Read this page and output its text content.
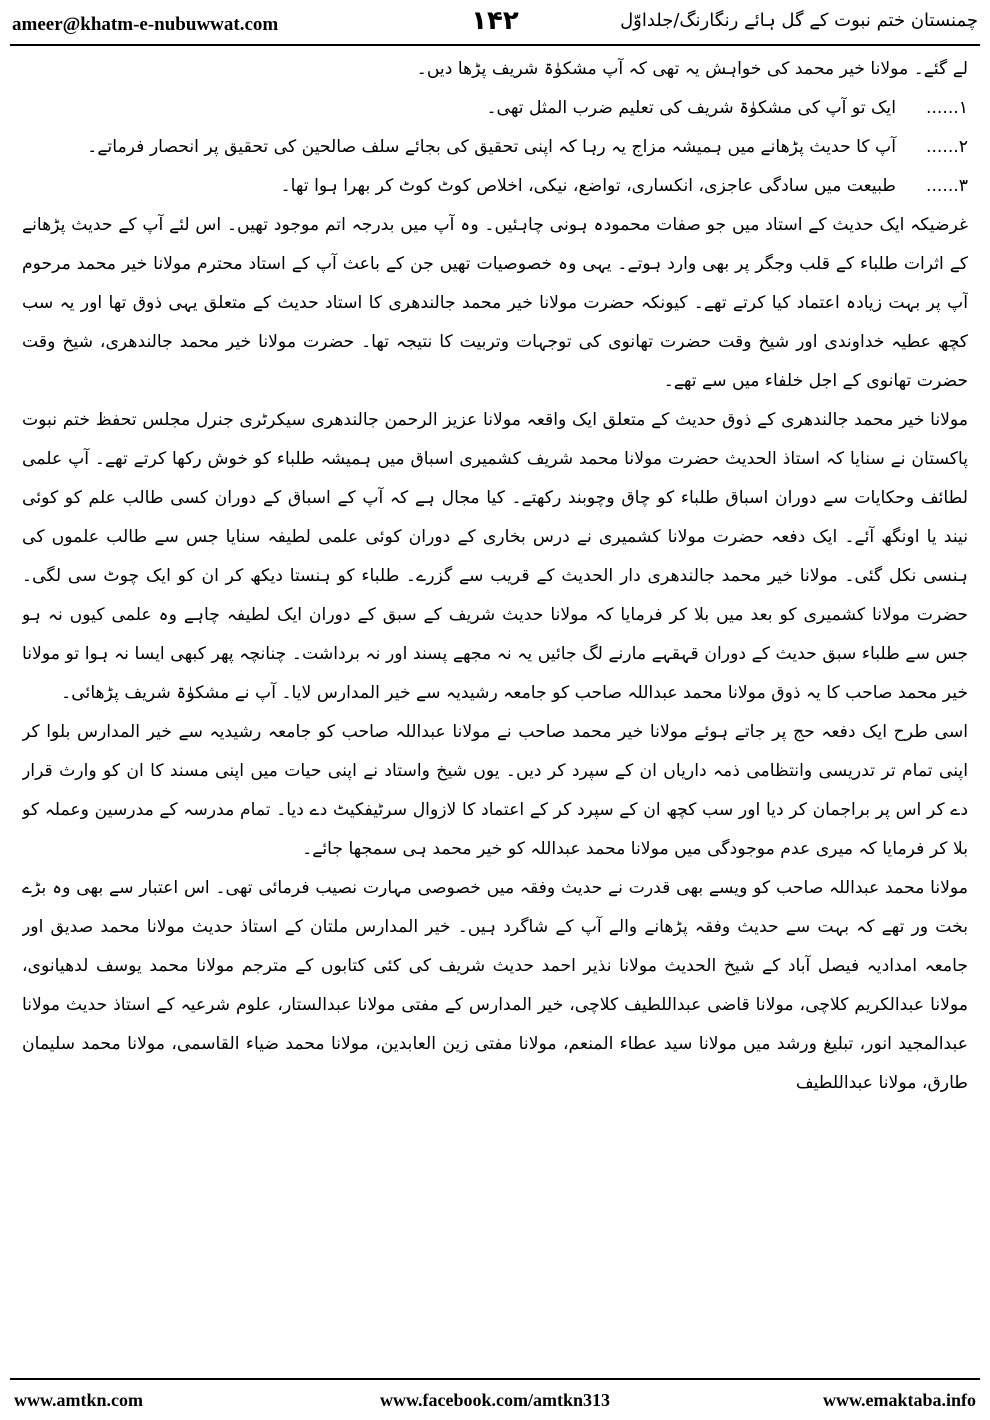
ameer@khatm-e-nubuwwat.com	۱۴۲	چمنستان ختم نبوت کے گل ہائے رنگارنگ/جلداوّل

لے گئے۔ مولانا خیر محمد کی خواہش یہ تھی کہ آپ مشکوٰۃ شریف پڑھا دیں۔

۱......
ایک تو آپ کی مشکوٰۃ شریف کی تعلیم ضرب المثل تھی۔

۲......
آپ کا حدیث پڑھانے میں ہمیشہ مزاج یہ رہا کہ اپنی تحقیق کی بجائے سلف صالحین کی تحقیق پر انحصار فرماتے۔

۳......
طبیعت میں سادگی عاجزی، انکساری، تواضع، نیکی، اخلاص کوٹ کوٹ کر بھرا ہوا تھا۔

غرضیکہ ایک حدیث کے استاد میں جو صفات محمودہ ہونی چاہئیں۔ وہ آپ میں بدرجہ اتم موجود تھیں۔ اس لئے آپ کے حدیث پڑھانے کے اثرات طلباء کے قلب وجگر پر بھی وارد ہوتے۔ یہی وہ خصوصیات تھیں جن کے باعث آپ کے استاد محترم مولانا خیر محمد مرحوم آپ پر بہت زیادہ اعتماد کیا کرتے تھے۔ کیونکہ حضرت مولانا خیر محمد جالندھری کا استاد حدیث کے متعلق یہی ذوق تھا اور یہ سب کچھ عطیہ خداوندی اور شیخ وقت حضرت تھانوی کی توجہات وتربیت کا نتیجہ تھا۔ حضرت مولانا خیر محمد جالندھری، شیخ وقت حضرت تھانوی کے اجل خلفاء میں سے تھے۔

مولانا خیر محمد جالندھری کے ذوق حدیث کے متعلق ایک واقعہ مولانا عزیز الرحمن جالندھری سیکرٹری جنرل مجلس تحفظ ختم نبوت پاکستان نے سنایا کہ استاذ الحدیث حضرت مولانا محمد شریف کشمیری اسباق میں ہمیشہ طلباء کو خوش رکھا کرتے تھے۔ آپ علمی لطائف وحکایات سے دوران اسباق طلباء کو چاق وچوبند رکھتے۔ کیا مجال ہے کہ آپ کے اسباق کے دوران کسی طالب علم کو کوئی نیند یا اونگھ آئے۔ ایک دفعہ حضرت مولانا کشمیری نے درس بخاری کے دوران کوئی علمی لطیفہ سنایا جس سے طالب علموں کی ہنسی نکل گئی۔ مولانا خیر محمد جالندھری دار الحدیث کے قریب سے گزرے۔ طلباء کو ہنستا دیکھ کر ان کو ایک چوٹ سی لگی۔ حضرت مولانا کشمیری کو بعد میں بلا کر فرمایا کہ مولانا حدیث شریف کے سبق کے دوران ایک لطیفہ چاہے وہ علمی کیوں نہ ہو جس سے طلباء سبق حدیث کے دوران قہقہے مارنے لگ جائیں یہ نہ مجھے پسند اور نہ برداشت۔ چنانچہ پھر کبھی ایسا نہ ہوا تو مولانا خیر محمد صاحب کا یہ ذوق مولانا محمد عبداللہ صاحب کو جامعہ رشیدیہ سے خیر المدارس لایا۔ آپ نے مشکوٰۃ شریف پڑھائی۔

اسی طرح ایک دفعہ حج پر جاتے ہوئے مولانا خیر محمد صاحب نے مولانا عبداللہ صاحب کو جامعہ رشیدیہ سے خیر المدارس بلوا کر اپنی تمام تر تدریسی وانتظامی ذمہ داریاں ان کے سپرد کر دیں۔ یوں شیخ واستاد نے اپنی حیات میں اپنی مسند کا ان کو وارث قرار دے کر اس پر براجمان کر دیا اور سب کچھ ان کے سپرد کر کے اعتماد کا لازوال سرٹیفکیٹ دے دیا۔ تمام مدرسہ کے مدرسین وعملہ کو بلا کر فرمایا کہ میری عدم موجودگی میں مولانا محمد عبداللہ کو خیر محمد ہی سمجھا جائے۔

مولانا محمد عبداللہ صاحب کو ویسے بھی قدرت نے حدیث وفقہ میں خصوصی مہارت نصیب فرمائی تھی۔ اس اعتبار سے بھی وہ بڑے بخت ور تھے کہ بہت سے حدیث وفقہ پڑھانے والے آپ کے شاگرد ہیں۔ خیر المدارس ملتان کے استاذ حدیث مولانا محمد صدیق اور جامعہ امدادیہ فیصل آباد کے شیخ الحدیث مولانا نذیر احمد حدیث شریف کی کئی کتابوں کے مترجم مولانا محمد یوسف لدھیانوی، مولانا عبدالکریم کلاچی، مولانا قاضی عبداللطیف کلاچی، خیر المدارس کے مفتی مولانا عبدالستار، علوم شرعیہ کے استاذ حدیث مولانا عبدالمجید انور، تبلیغ ورشد میں مولانا سید عطاء المنعم، مولانا مفتی زین العابدین، مولانا محمد ضیاء القاسمی، مولانا محمد سلیمان طارق، مولانا عبداللطیف

www.amtkn.com	www.facebook.com/amtkn313	www.emaktaba.info
